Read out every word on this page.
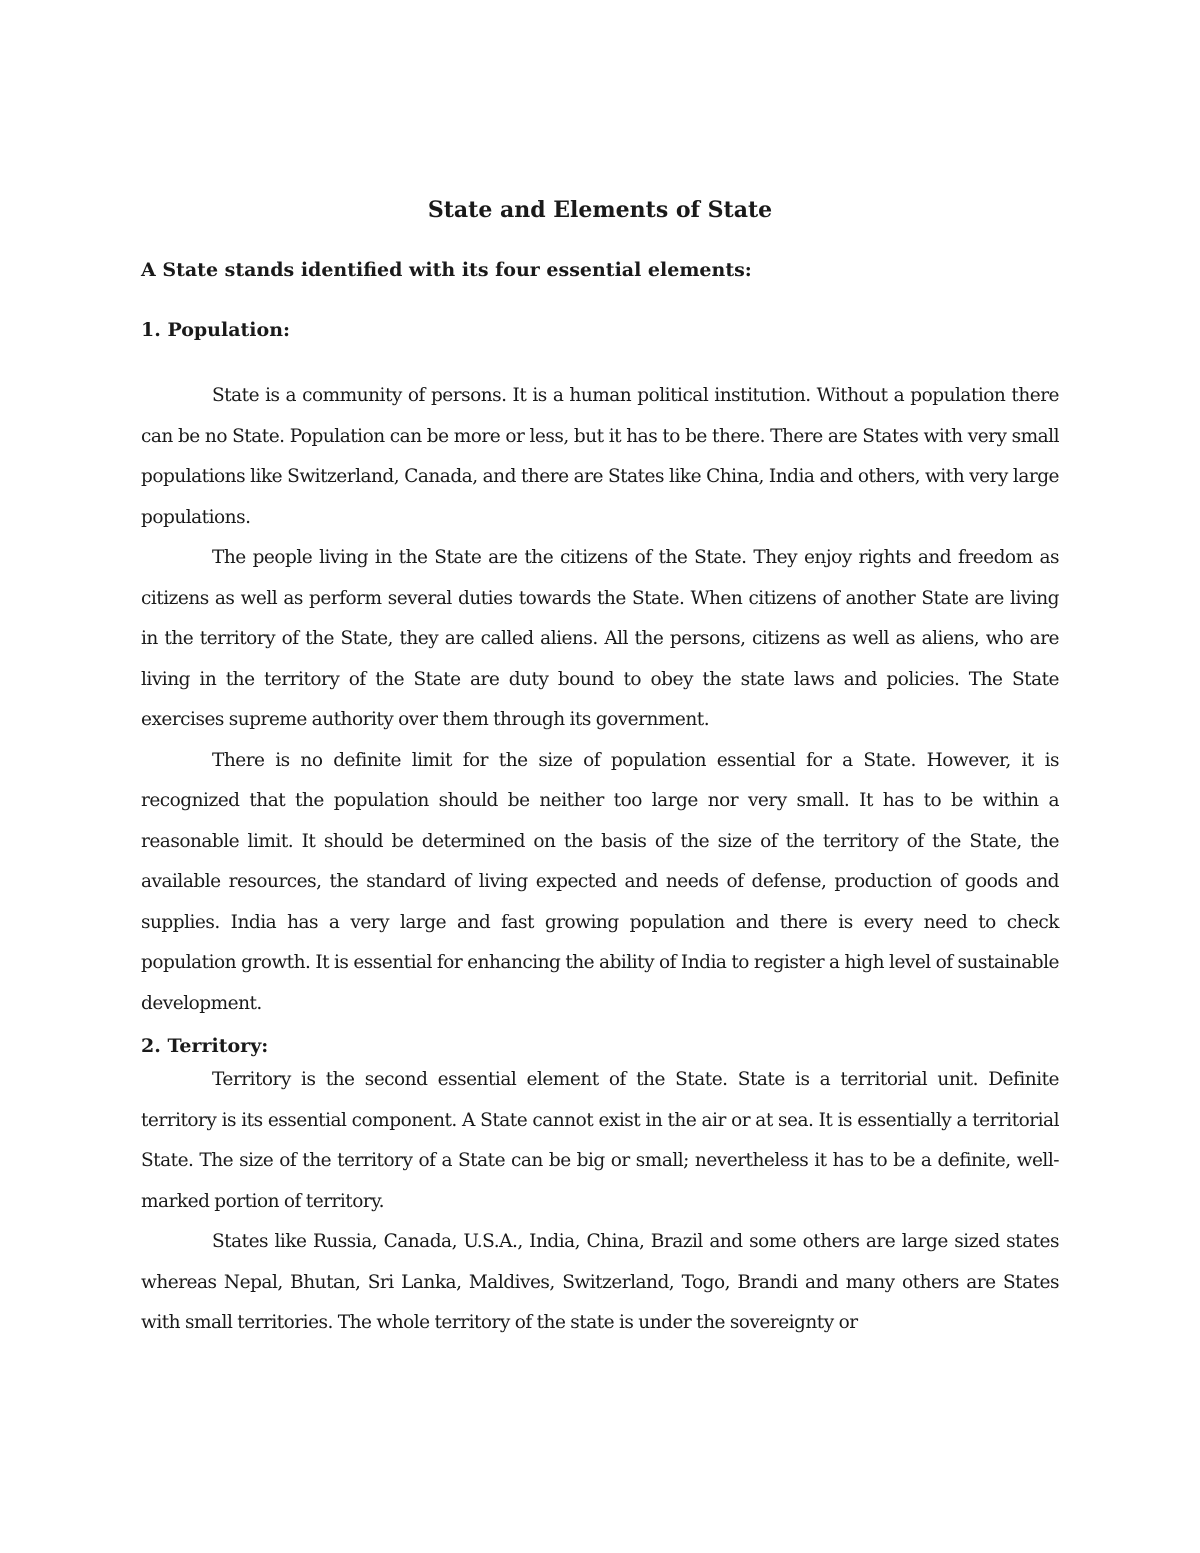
State and Elements of State

A State stands identified with its four essential elements:

1. Population:

State is a community of persons. It is a human political institution. Without a population there can be no State. Population can be more or less, but it has to be there. There are States with very small populations like Switzerland, Canada, and there are States like China, India and others, with very large populations.

The people living in the State are the citizens of the State. They enjoy rights and freedom as citizens as well as perform several duties towards the State. When citizens of another State are living in the territory of the State, they are called aliens. All the persons, citizens as well as aliens, who are living in the territory of the State are duty bound to obey the state laws and policies. The State exercises supreme authority over them through its government.

There is no definite limit for the size of population essential for a State. However, it is recognized that the population should be neither too large nor very small. It has to be within a reasonable limit. It should be determined on the basis of the size of the territory of the State, the available resources, the standard of living expected and needs of defense, production of goods and supplies. India has a very large and fast growing population and there is every need to check population growth. It is essential for enhancing the ability of India to register a high level of sustainable development.

2. Territory:

Territory is the second essential element of the State. State is a territorial unit. Definite territory is its essential component. A State cannot exist in the air or at sea. It is essentially a territorial State. The size of the territory of a State can be big or small; nevertheless it has to be a definite, well-marked portion of territory.

States like Russia, Canada, U.S.A., India, China, Brazil and some others are large sized states whereas Nepal, Bhutan, Sri Lanka, Maldives, Switzerland, Togo, Brandi and many others are States with small territories. The whole territory of the state is under the sovereignty or
